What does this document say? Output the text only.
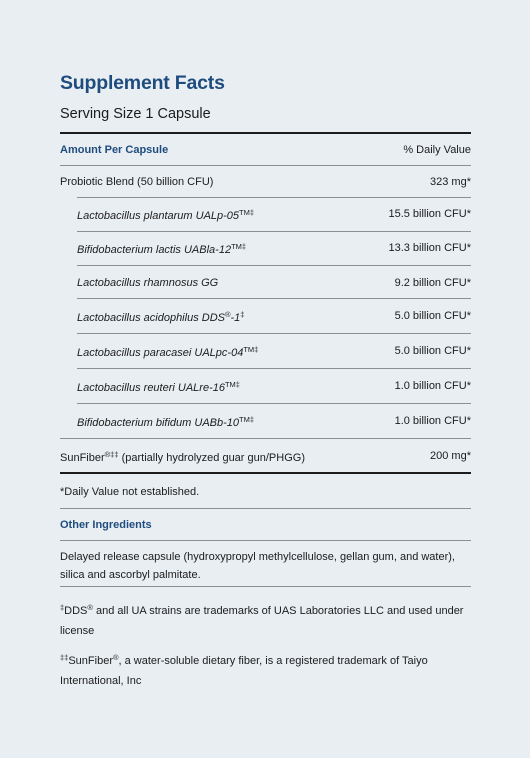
Supplement Facts
Serving Size 1 Capsule
Amount Per Capsule	% Daily Value
Probiotic Blend (50 billion CFU)	323 mg*
Lactobacillus plantarum UALp-$05^{TM\ddagger}$	15.5 billion CFU*
Bifidobacterium lactis UABla-$12^{TM\ddagger}$	13.3 billion CFU*
Lactobacillus rhamnosus GG	9.2 billion CFU*
Lactobacillus acidophilus DDS®-1‡	5.0 billion CFU*
Lactobacillus paracasei UALpc-$04^{TM\ddagger}$	5.0 billion CFU*
Lactobacillus reuteri UALre-$16^{TM\ddagger}$	1.0 billion CFU*
Bifidobacterium bifidum UABb-$10^{TM\ddagger}$	1.0 billion CFU*
SunFiber®‡‡ (partially hydrolyzed guar gun/PHGG)	200 mg*
*Daily Value not established.
Other Ingredients
Delayed release capsule (hydroxypropyl methylcellulose, gellan gum, and water), silica and ascorbyl palmitate.
‡DDS® and all UA strains are trademarks of UAS Laboratories LLC and used under license
‡‡SunFiber®, a water-soluble dietary fiber, is a registered trademark of Taiyo International, Inc
